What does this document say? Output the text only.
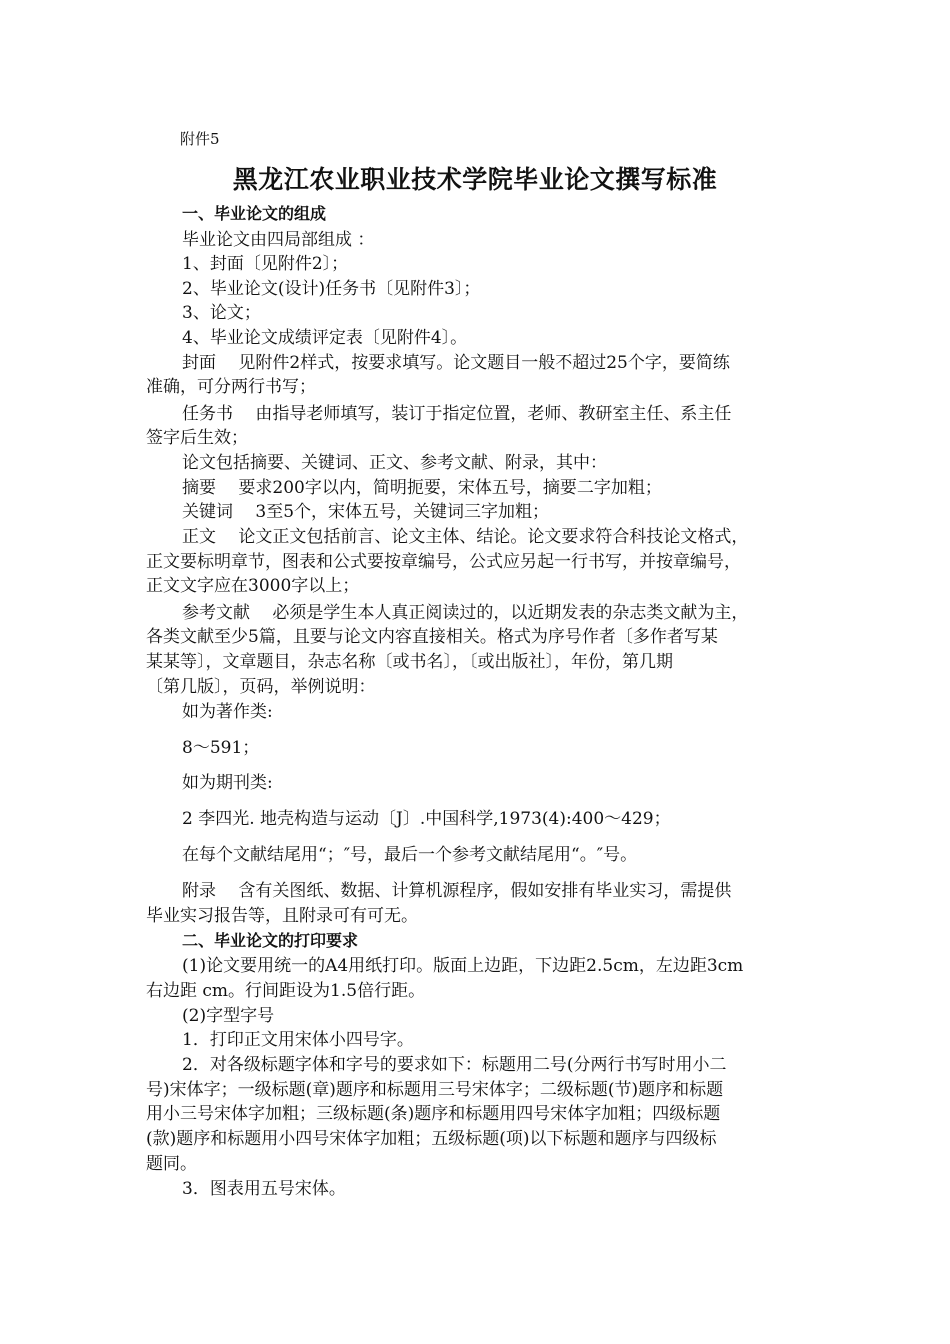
附件5
黑龙江农业职业技术学院毕业论文撰写标准
一、毕业论文的组成
毕业论文由四局部组成 ：
1、封面〔见附件2〕；
2、毕业论文(设计)任务书〔见附件3〕；
3、论文；
4、毕业论文成绩评定表〔见附件4〕。
封面　 见附件2样式，按要求填写。论文题目一般不超过25个字，要简练
准确，可分两行书写；
任务书　 由指导老师填写，装订于指定位置，老师、教研室主任、系主任
签字后生效；
论文包括摘要、关键词、正文、参考文献、附录，其中：
摘要　 要求200字以内，简明扼要，宋体五号，摘要二字加粗；
关键词　 3至5个，宋体五号，关键词三字加粗；
正文　 论文正文包括前言、论文主体、结论。论文要求符合科技论文格式，
正文要标明章节，图表和公式要按章编号，公式应另起一行书写，并按章编号，
正文文字应在3000字以上；
参考文献　 必须是学生本人真正阅读过的，以近期发表的杂志类文献为主，
各类文献至少5篇，且要与论文内容直接相关。格式为序号作者〔多作者写某
某某等〕，文章题目，杂志名称〔或书名〕，〔或出版社〕，年份，第几期
〔第几版〕，页码，举例说明：
如为著作类:
8～591；
如为期刊类:
2 李四光. 地壳构造与运动〔J〕.中国科学,1973(4):400～429；
在每个文献结尾用“；″号，最后一个参考文献结尾用“。″号。
附录　 含有关图纸、数据、计算机源程序，假如安排有毕业实习，需提供
毕业实习报告等，且附录可有可无。
二、毕业论文的打印要求
(1)论文要用统一的A4用纸打印。版面上边距，下边距2.5cm，左边距3cm
右边距 cm。行间距设为1.5倍行距。
(2)字型字号
1．打印正文用宋体小四号字。
2．对各级标题字体和字号的要求如下：标题用二号(分两行书写时用小二
号)宋体字；一级标题(章)题序和标题用三号宋体字；二级标题(节)题序和标题
用小三号宋体字加粗；三级标题(条)题序和标题用四号宋体字加粗；四级标题
(款)题序和标题用小四号宋体字加粗；五级标题(项)以下标题和题序与四级标
题同。
3．图表用五号宋体。
